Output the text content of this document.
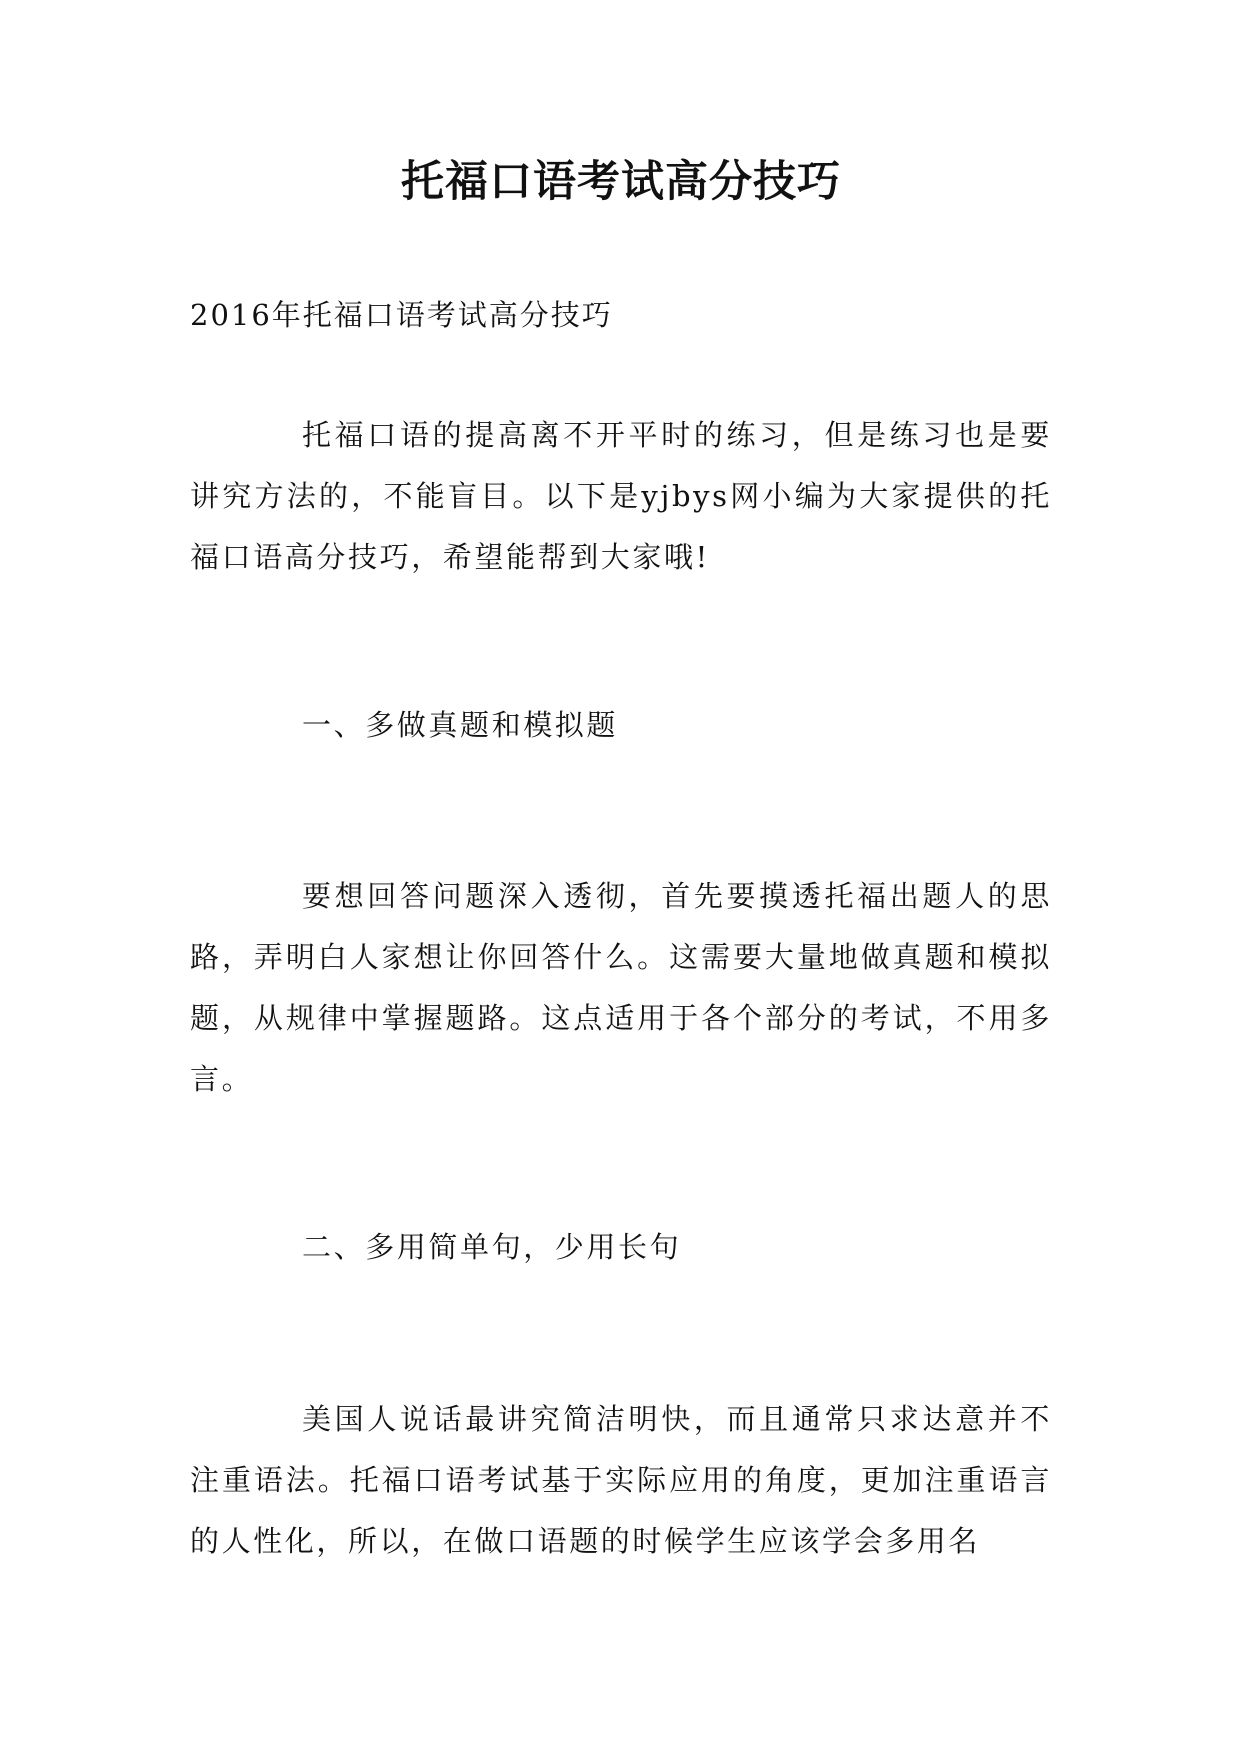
托福口语考试高分技巧

2016年托福口语考试高分技巧

托福口语的提高离不开平时的练习，但是练习也是要讲究方法的，不能盲目。以下是yjbys网小编为大家提供的托福口语高分技巧，希望能帮到大家哦!

一、多做真题和模拟题

要想回答问题深入透彻，首先要摸透托福出题人的思路，弄明白人家想让你回答什么。这需要大量地做真题和模拟题，从规律中掌握题路。这点适用于各个部分的考试，不用多言。

二、多用简单句，少用长句

美国人说话最讲究简洁明快，而且通常只求达意并不注重语法。托福口语考试基于实际应用的角度，更加注重语言的人性化，所以，在做口语题的时候学生应该学会多用名
